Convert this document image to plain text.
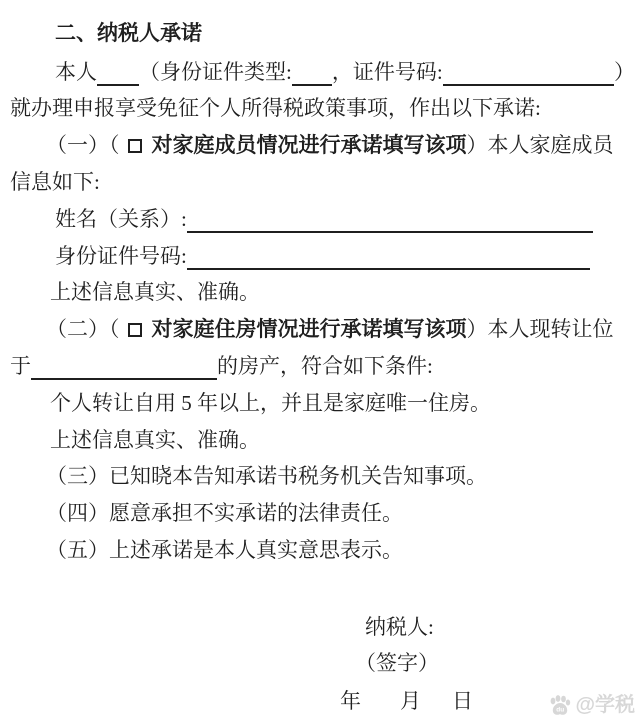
二、纳税人承诺
本人 （身份证件类型: ，证件号码:	）
就办理申报享受免征个人所得税政策事项，作出以下承诺:
（一）（ 对家庭成员情况进行承诺填写该项）本人家庭成员
信息如下:
姓名（关系）:
身份证件号码:
上述信息真实、准确。
（二）（ 对家庭住房情况进行承诺填写该项）本人现转让位
于	的房产，符合如下条件:
个人转让自用 5 年以上，并且是家庭唯一住房。
上述信息真实、准确。
（三）已知晓本告知承诺书税务机关告知事项。
（四）愿意承担不实承诺的法律责任。
（五）上述承诺是本人真实意思表示。
纳税人:
（签字）
年 月 日	du @学税
